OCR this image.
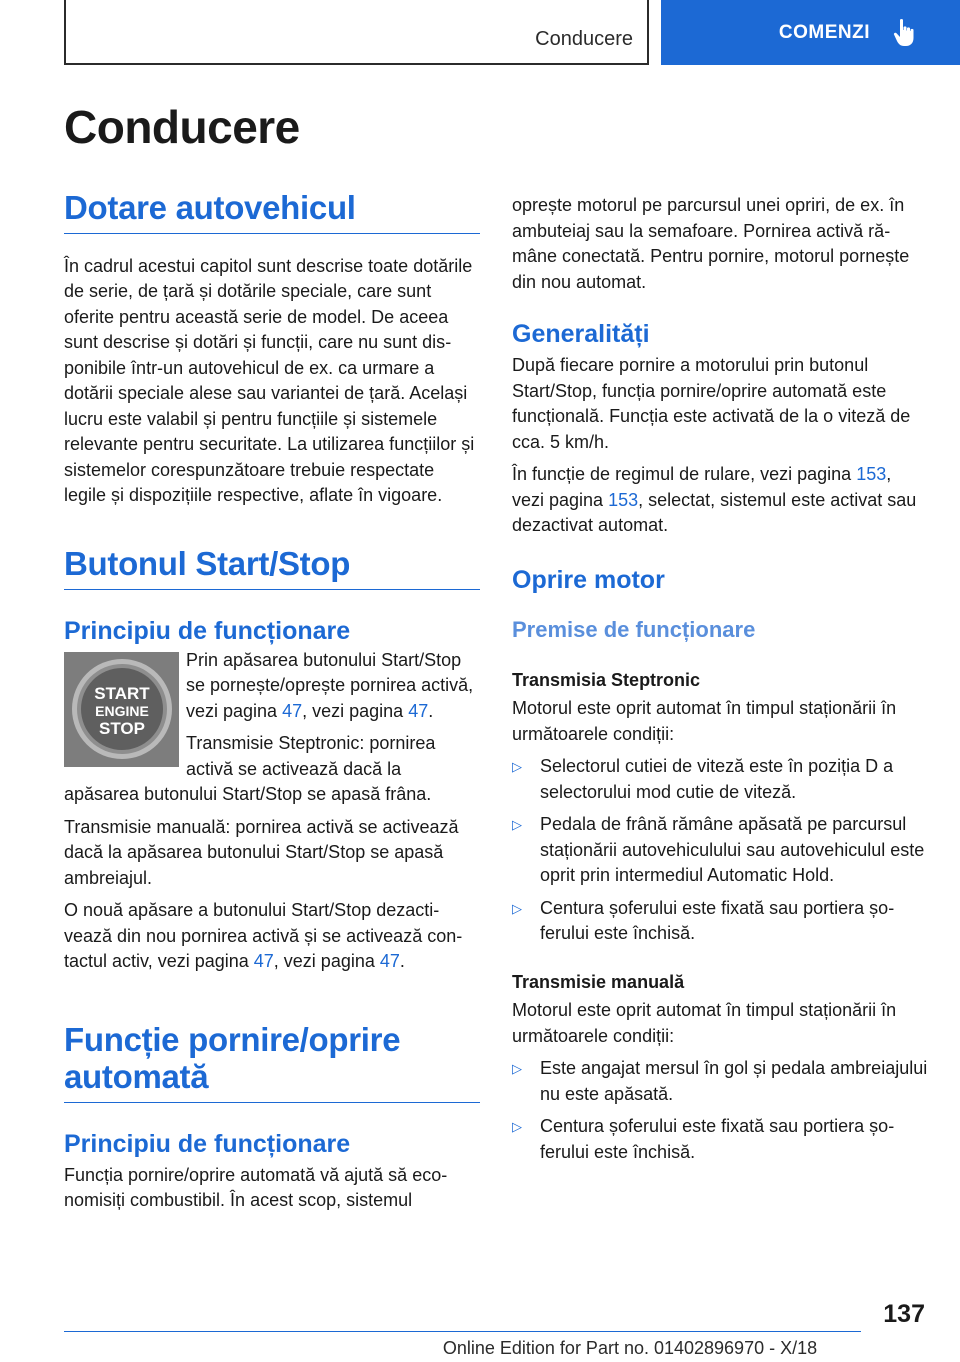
Conducere	COMENZI
Conducere
Dotare autovehicul

În cadrul acestui capitol sunt descrise toate dotările de serie, de țară și dotările speciale, care sunt oferite pentru această serie de model. De aceea sunt descrise și dotări și funcții, care nu sunt disponibile într-un autovehicul de ex. ca urmare a dotării speciale alese sau variantei de țară. Același lucru este valabil și pentru funcțiile și sistemele relevante pentru securitate. La utilizarea funcțiilor și sistemelor corespunzătoare trebuie respectate legile și dispozițiile respective, aflate în vigoare.

Butonul Start/Stop
Principiu de funcționare
START
ENGINE
STOP

Prin apăsarea butonului Start/Stop se pornește/oprește pornirea activă, vezi pagina 47, vezi pagina 47.

Transmisie Steptronic: pornirea activă se activează dacă la apăsarea butonului Start/Stop se apasă frâna.

Transmisie manuală: pornirea activă se activează dacă la apăsarea butonului Start/Stop se apasă ambreiajul.

O nouă apăsare a butonului Start/Stop dezactivează din nou pornirea activă și se activează contactul activ, vezi pagina 47, vezi pagina 47.

Funcție pornire/oprire automată
Principiu de funcționare

Funcția pornire/oprire automată vă ajută să economisiți combustibil. În acest scop, sistemul

oprește motorul pe parcursul unei opriri, de ex. în ambuteiaj sau la semafoare. Pornirea activă rămâne conectată. Pentru pornire, motorul pornește din nou automat.

Generalități

După fiecare pornire a motorului prin butonul Start/Stop, funcția pornire/oprire automată este funcțională. Funcția este activată de la o viteză de cca. 5 km/h.

În funcție de regimul de rulare, vezi pagina 153, vezi pagina 153, selectat, sistemul este activat sau dezactivat automat.

Oprire motor
Premise de funcționare
Transmisia Steptronic

Motorul este oprit automat în timpul staționării în următoarele condiții:

▷	Selectorul cutiei de viteză este în poziția D a selectorului mod cutie de viteză.
▷	Pedala de frână rămâne apăsată pe parcursul staționării autovehiculului sau autovehiculul este oprit prin intermediul Automatic Hold.
▷	Centura șoferului este fixată sau portiera șoferului este închisă.
Transmisie manuală

Motorul este oprit automat în timpul staționării în următoarele condiții:

▷	Este angajat mersul în gol și pedala ambreiajului nu este apăsată.
▷	Centura șoferului este fixată sau portiera șoferului este închisă.
137
Online Edition for Part no. 01402896970 - X/18
